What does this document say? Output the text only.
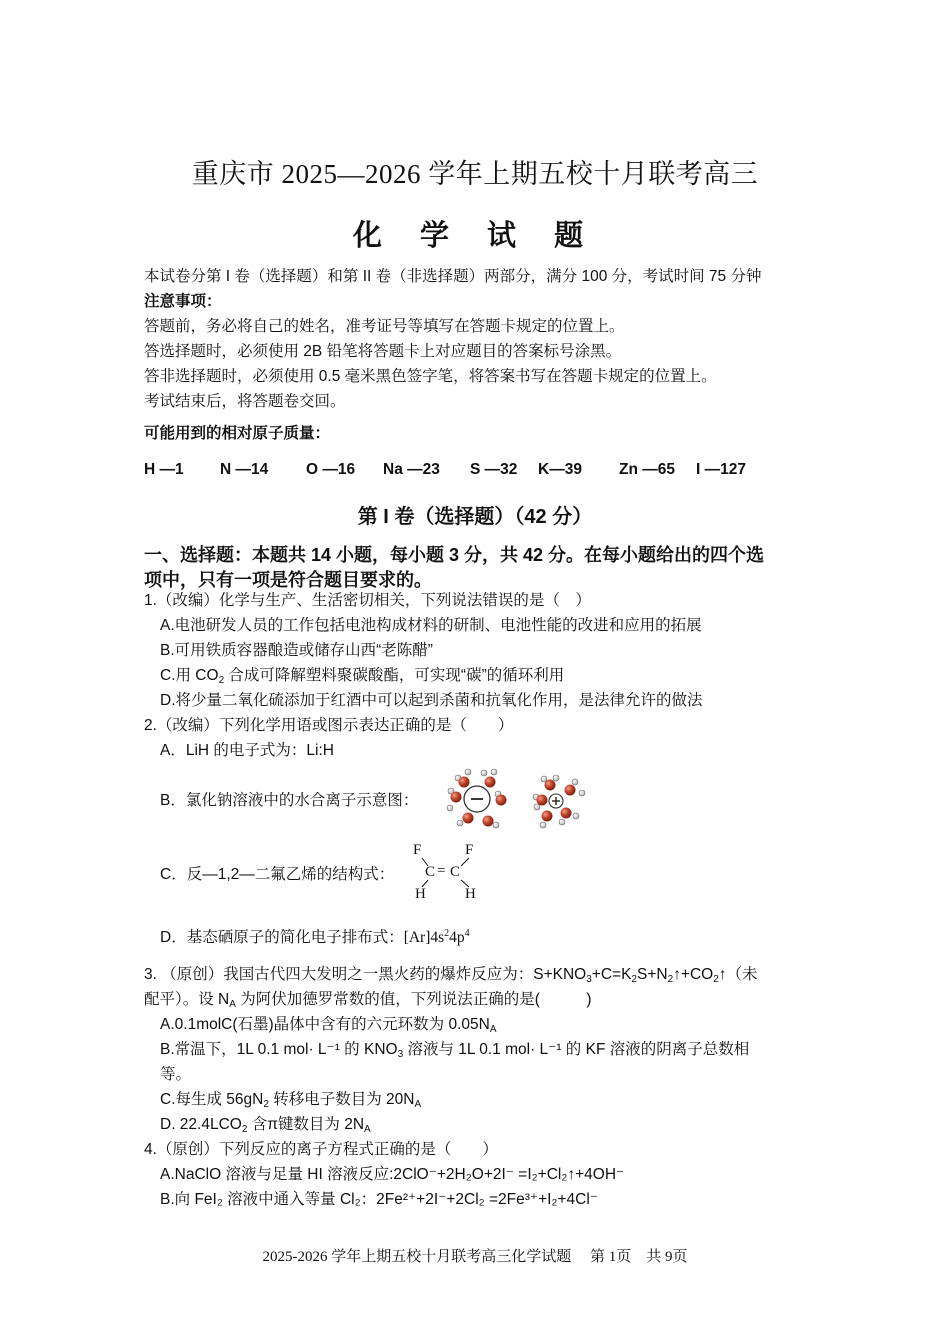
重庆市 2025—2026 学年上期五校十月联考高三
化 学 试 题
本试卷分第 I 卷（选择题）和第 II 卷（非选择题）两部分，满分 100 分，考试时间 75 分钟
注意事项：
答题前，务必将自己的姓名，准考证号等填写在答题卡规定的位置上。
答选择题时，必须使用 2B 铅笔将答题卡上对应题目的答案标号涂黑。
答非选择题时，必须使用 0.5 毫米黑色签字笔，将答案书写在答题卡规定的位置上。
考试结束后，将答题卷交回。
可能用到的相对原子质量：
H —1 N —14 O —16 Na —23 S —32 K—39 Zn —65 I —127
第 I 卷（选择题）（42 分）
一、选择题：本题共 14 小题，每小题 3 分，共 42 分。在每小题给出的四个选
项中，只有一项是符合题目要求的。
1.（改编）化学与生产、生活密切相关，下列说法错误的是（　）
A.电池研发人员的工作包括电池构成材料的研制、电池性能的改进和应用的拓展
B.可用铁质容器酿造或储存山西“老陈醋”
C.用 $CO_2$ 合成可降解塑料聚碳酸酯，可实现“碳”的循环利用
D.将少量二氧化硫添加于红酒中可以起到杀菌和抗氧化作用，是法律允许的做法
2.（改编）下列化学用语或图示表达正确的是（　　）
A．LiH 的电子式为：Li:H
B．氯化钠溶液中的水合离子示意图：
C．反—1,2—二氟乙烯的结构式：
F	F
C = C
H	H
D．基态硒原子的简化电子排布式：$[Ar]4s^24p^4$
3. （原创）我国古代四大发明之一黑火药的爆炸反应为：$S+KNO_3+C=K_2S+N_2↑+CO_2↑$（未
配平）。设 $N_A$ 为阿伏加德罗常数的值，下列说法正确的是(　　　)
A.0.1molC(石墨)晶体中含有的六元环数为 $0.05N_A$
B.常温下，1L 0.1 mol· L⁻¹ 的 $KNO_3$ 溶液与 1L 0.1 mol· L⁻¹ 的 KF 溶液的阴离子总数相
等。
C.每生成 $56gN_2$ 转移电子数目为 $20N_A$
D. $22.4LCO_2$ 含π键数目为 $2N_A$
4.（原创）下列反应的离子方程式正确的是（　　）
A.NaClO 溶液与足量 HI 溶液反应:2ClO⁻+2H₂O+2I⁻ =I₂+Cl₂↑+4OH⁻
B.向 FeI₂ 溶液中通入等量 Cl₂：2Fe²⁺+2I⁻+2Cl₂ =2Fe³⁺+I₂+4Cl⁻
2025-2026 学年上期五校十月联考高三化学试题　 第 1页　共 9页
